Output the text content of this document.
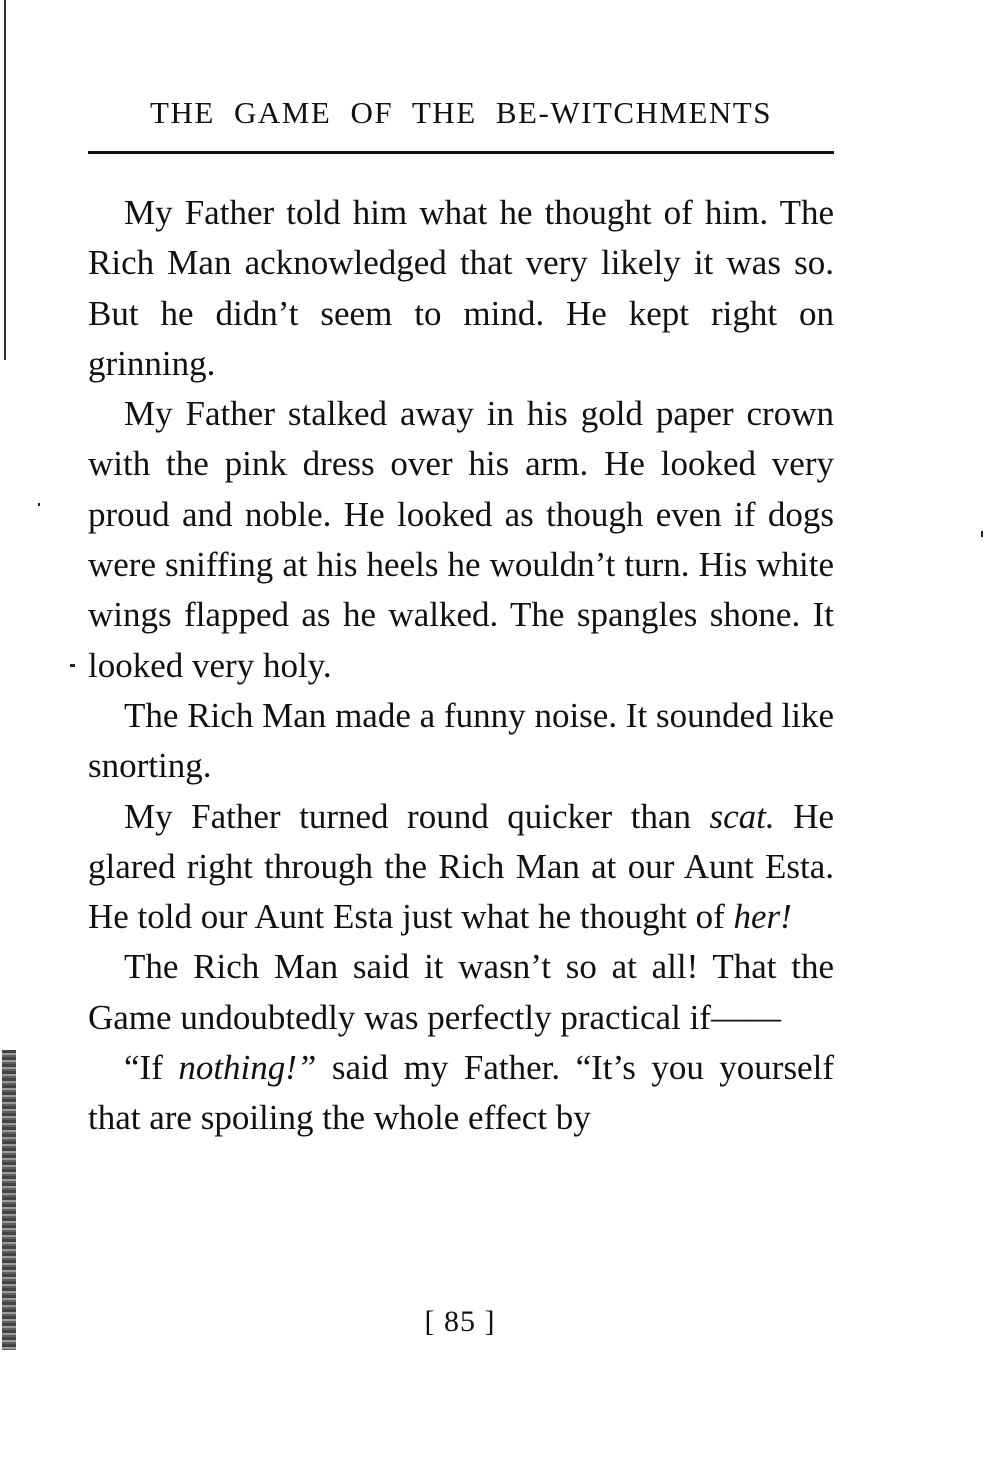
THE GAME OF THE BE-WITCHMENTS

My Father told him what he thought of him. The Rich Man acknowledged that very likely it was so. But he didn’t seem to mind. He kept right on grinning.

My Father stalked away in his gold paper crown with the pink dress over his arm. He looked very proud and noble. He looked as though even if dogs were sniffing at his heels he wouldn’t turn. His white wings flapped as he walked. The spangles shone. It looked very holy.

The Rich Man made a funny noise. It sounded like snorting.

My Father turned round quicker than scat. He glared right through the Rich Man at our Aunt Esta. He told our Aunt Esta just what he thought of her!

The Rich Man said it wasn’t so at all! That the Game undoubtedly was perfectly practical if——

“If nothing!” said my Father. “It’s you yourself that are spoiling the whole effect by

[ 85 ]
